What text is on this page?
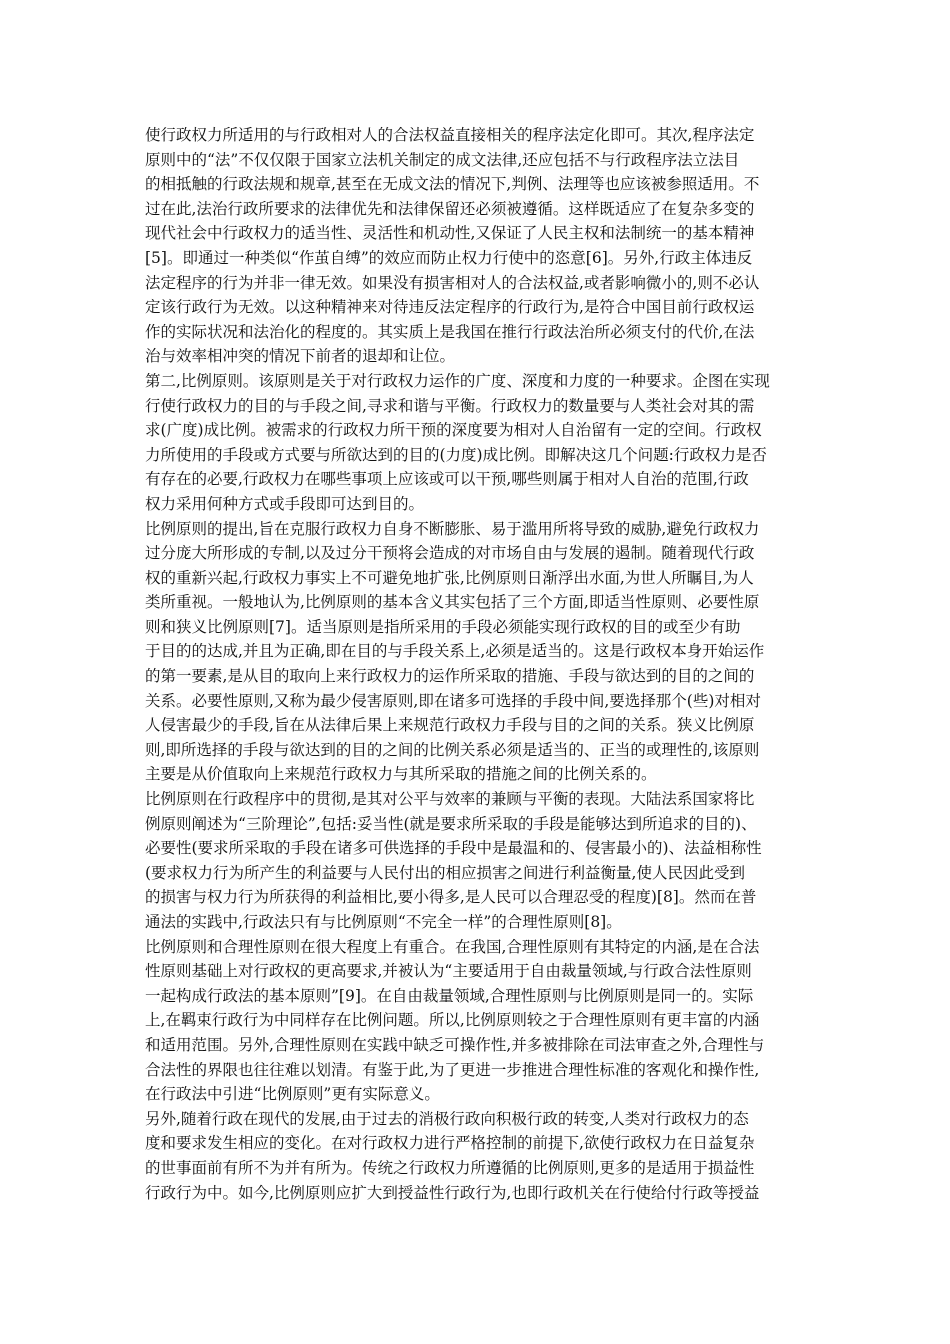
使行政权力所适用的与行政相对人的合法权益直接相关的程序法定化即可。其次,程序法定
原则中的“法”不仅仅限于国家立法机关制定的成文法律,还应包括不与行政程序法立法目
的相抵触的行政法规和规章,甚至在无成文法的情况下,判例、法理等也应该被参照适用。不
过在此,法治行政所要求的法律优先和法律保留还必须被遵循。这样既适应了在复杂多变的
现代社会中行政权力的适当性、灵活性和机动性,又保证了人民主权和法制统一的基本精神
[5]。即通过一种类似“作茧自缚”的效应而防止权力行使中的恣意[6]。另外,行政主体违反
法定程序的行为并非一律无效。如果没有损害相对人的合法权益,或者影响微小的,则不必认
定该行政行为无效。以这种精神来对待违反法定程序的行政行为,是符合中国目前行政权运
作的实际状况和法治化的程度的。其实质上是我国在推行行政法治所必须支付的代价,在法
治与效率相冲突的情况下前者的退却和让位。

第二,比例原则。该原则是关于对行政权力运作的广度、深度和力度的一种要求。企图在实现
行使行政权力的目的与手段之间,寻求和谐与平衡。行政权力的数量要与人类社会对其的需
求(广度)成比例。被需求的行政权力所干预的深度要为相对人自治留有一定的空间。行政权
力所使用的手段或方式要与所欲达到的目的(力度)成比例。即解决这几个问题:行政权力是否
有存在的必要,行政权力在哪些事项上应该或可以干预,哪些则属于相对人自治的范围,行政
权力采用何种方式或手段即可达到目的。

比例原则的提出,旨在克服行政权力自身不断膨胀、易于滥用所将导致的威胁,避免行政权力
过分庞大所形成的专制,以及过分干预将会造成的对市场自由与发展的遏制。随着现代行政
权的重新兴起,行政权力事实上不可避免地扩张,比例原则日渐浮出水面,为世人所瞩目,为人
类所重视。一般地认为,比例原则的基本含义其实包括了三个方面,即适当性原则、必要性原
则和狭义比例原则[7]。适当原则是指所采用的手段必须能实现行政权的目的或至少有助
于目的的达成,并且为正确,即在目的与手段关系上,必须是适当的。这是行政权本身开始运作
的第一要素,是从目的取向上来行政权力的运作所采取的措施、手段与欲达到的目的之间的
关系。必要性原则,又称为最少侵害原则,即在诸多可选择的手段中间,要选择那个(些)对相对
人侵害最少的手段,旨在从法律后果上来规范行政权力手段与目的之间的关系。狭义比例原
则,即所选择的手段与欲达到的目的之间的比例关系必须是适当的、正当的或理性的,该原则
主要是从价值取向上来规范行政权力与其所采取的措施之间的比例关系的。

比例原则在行政程序中的贯彻,是其对公平与效率的兼顾与平衡的表现。大陆法系国家将比
例原则阐述为“三阶理论”,包括:妥当性(就是要求所采取的手段是能够达到所追求的目的)、
必要性(要求所采取的手段在诸多可供选择的手段中是最温和的、侵害最小的)、法益相称性
(要求权力行为所产生的利益要与人民付出的相应损害之间进行利益衡量,使人民因此受到
的损害与权力行为所获得的利益相比,要小得多,是人民可以合理忍受的程度)[8]。然而在普
通法的实践中,行政法只有与比例原则“不完全一样”的合理性原则[8]。

比例原则和合理性原则在很大程度上有重合。在我国,合理性原则有其特定的内涵,是在合法
性原则基础上对行政权的更高要求,并被认为“主要适用于自由裁量领域,与行政合法性原则
一起构成行政法的基本原则”[9]。在自由裁量领域,合理性原则与比例原则是同一的。实际
上,在羁束行政行为中同样存在比例问题。所以,比例原则较之于合理性原则有更丰富的内涵
和适用范围。另外,合理性原则在实践中缺乏可操作性,并多被排除在司法审查之外,合理性与
合法性的界限也往往难以划清。有鉴于此,为了更进一步推进合理性标准的客观化和操作性,
在行政法中引进“比例原则”更有实际意义。

另外,随着行政在现代的发展,由于过去的消极行政向积极行政的转变,人类对行政权力的态
度和要求发生相应的变化。在对行政权力进行严格控制的前提下,欲使行政权力在日益复杂
的世事面前有所不为并有所为。传统之行政权力所遵循的比例原则,更多的是适用于损益性
行政行为中。如今,比例原则应扩大到授益性行政行为,也即行政机关在行使给付行政等授益
